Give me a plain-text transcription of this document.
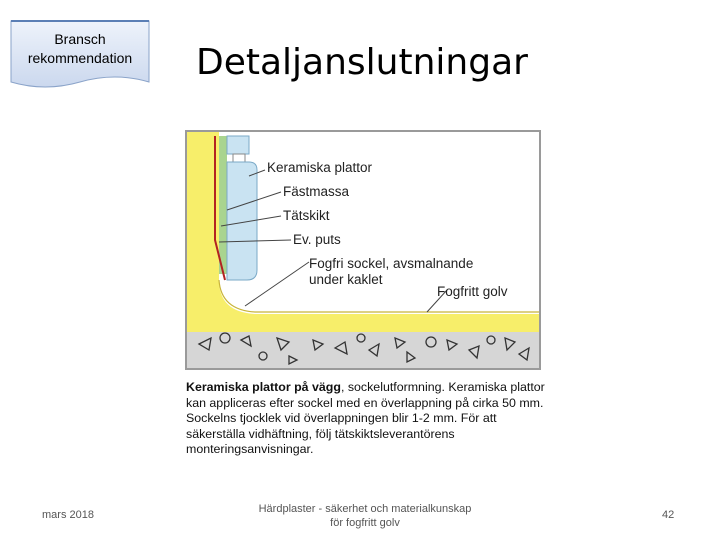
Bransch
rekommendation	Detaljanslutningar
Keramiska plattor
Fästmassa
Tätskikt
Ev. puts
Fogfri sockel, avsmalnande
under kaklet
Fogfritt golv
Keramiska plattor på vägg, sockelutformning. Keramiska plattor kan appliceras efter sockel med en överlappning på cirka 50 mm. Sockelns tjocklek vid överlappningen blir 1-2 mm. För att säkerställa vidhäftning, följ tätskiktsleverantörens monteringsanvisningar.
mars 2018	Härdplaster - säkerhet och materialkunskap
för fogfritt golv
42
